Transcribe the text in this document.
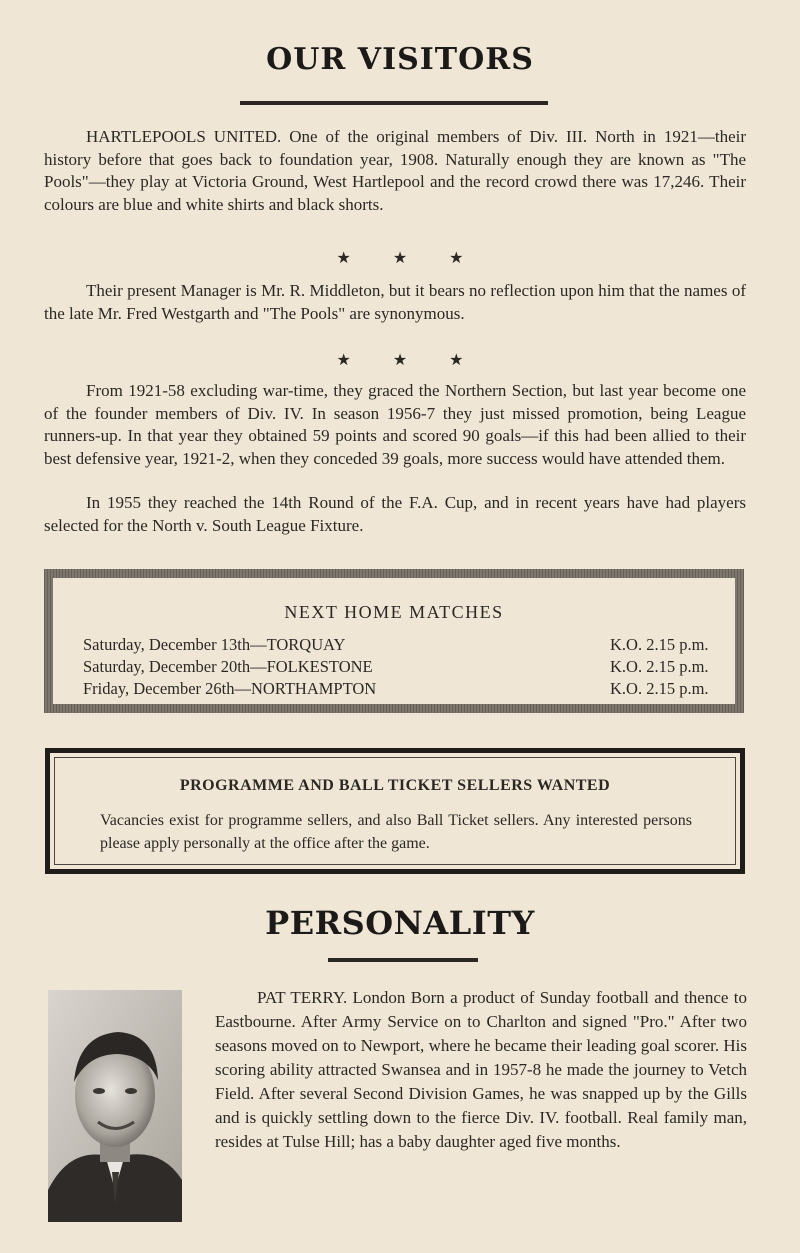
OUR VISITORS

HARTLEPOOLS UNITED. One of the original members of Div. III. North in 1921—their history before that goes back to foundation year, 1908. Naturally enough they are known as "The Pools"—they play at Victoria Ground, West Hartlepool and the record crowd there was 17,246. Their colours are blue and white shirts and black shorts.

★ ★ ★

Their present Manager is Mr. R. Middleton, but it bears no reflection upon him that the names of the late Mr. Fred Westgarth and "The Pools" are synonymous.

★ ★ ★

From 1921-58 excluding war-time, they graced the Northern Section, but last year become one of the founder members of Div. IV. In season 1956-7 they just missed promotion, being League runners-up. In that year they obtained 59 points and scored 90 goals—if this had been allied to their best defensive year, 1921-2, when they conceded 39 goals, more success would have attended them.

In 1955 they reached the 14th Round of the F.A. Cup, and in recent years have had players selected for the North v. South League Fixture.

NEXT HOME MATCHES
Saturday, December 13th—TORQUAY	K.O. 2.15 p.m.
Saturday, December 20th—FOLKESTONE	K.O. 2.15 p.m.
Friday, December 26th—NORTHAMPTON	K.O. 2.15 p.m.
PROGRAMME AND BALL TICKET SELLERS WANTED

Vacancies exist for programme sellers, and also Ball Ticket sellers. Any interested persons please apply personally at the office after the game.

PERSONALITY

PAT TERRY. London Born a product of Sunday football and thence to Eastbourne. After Army Service on to Charlton and signed "Pro." After two seasons moved on to Newport, where he became their leading goal scorer. His scoring ability attracted Swansea and in 1957-8 he made the journey to Vetch Field. After several Second Division Games, he was snapped up by the Gills and is quickly settling down to the fierce Div. IV. football. Real family man, resides at Tulse Hill; has a baby daughter aged five months.
